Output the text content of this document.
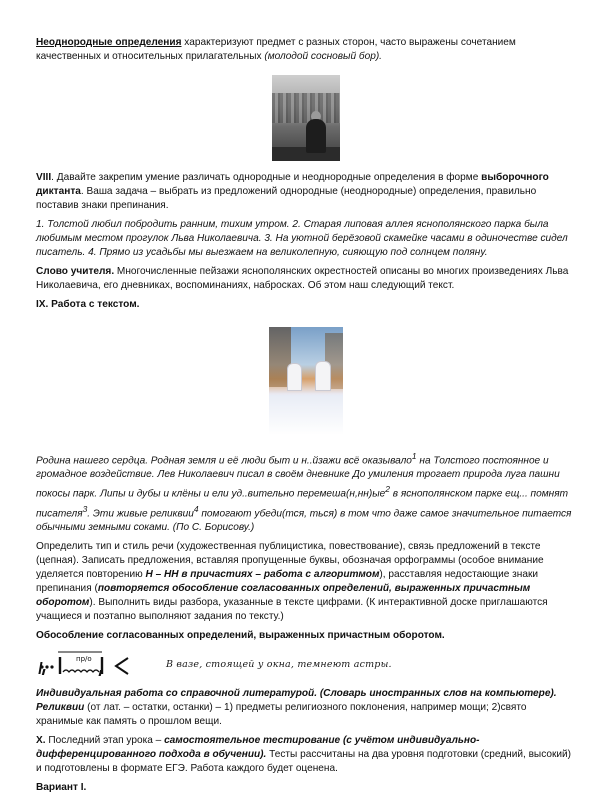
Неоднородные определения характеризуют предмет с разных сторон, часто выражены сочетанием качественных и относительных прилагательных (молодой сосновый бор).

VIII. Давайте закрепим умение различать однородные и неоднородные определения в форме выборочного диктанта. Ваша задача – выбрать из предложений однородные (неоднородные) определения, правильно поставив знаки препинания.

1. Толстой любил побродить ранним, тихим утром. 2. Старая липовая аллея яснополянского парка была любимым местом прогулок Льва Николаевича. 3. На уютной берёзовой скамейке часами в одиночестве сидел писатель. 4. Прямо из усадьбы мы выезжаем на великолепную, сияющую под солнцем поляну.

Слово учителя. Многочисленные пейзажи яснополянских окрестностей описаны во многих произведениях Льва Николаевича, его дневниках, воспоминаниях, набросках. Об этом наш следующий текст.

IX. Работа с текстом.

Родина нашего сердца. Родная земля и её люди быт и н..йзажи всё оказывало$^1$ на Толстого постоянное и громадное воздействие. Лев Николаевич писал в своём дневнике До умиления трогает природа луга пашни покосы парк. Липы и дубы и клёны и ели уд..вительно $перемеша(н,нн)ые^2$ в яснополянском парке ещ... помнят писателя$^3$. Эти живые реликвии$^4$ помогают убеди(тся, ться) в том что даже самое значительное питается обычными земными соками. (По С. Борисову.)

Определить тип и стиль речи (художественная публицистика, повествование), связь предложений в тексте (цепная). Записать предложения, вставляя пропущенные буквы, обозначая орфограммы (особое внимание уделяется повторению Н – НН в причастиях – работа с алгоритмом), расставляя недостающие знаки препинания (повторяется обособление согласованных определений, выраженных причастным оборотом). Выполнить виды разбора, указанные в тексте цифрами. (К интерактивной доске приглашаются учащиеся и поэтапно выполняют задания по тексту.)

Обособление согласованных определений, выраженных причастным оборотом.

пр/о	В вазе, стоящей у окна, темнеют астры.

Индивидуальная работа со справочной литературой. (Словарь иностранных слов на компьютере).
Реликвии (от лат. – остатки, останки) – 1) предметы религиозного поклонения, например мощи; 2)свято хранимые как память о прошлом вещи.

X. Последний этап урока – самостоятельное тестирование (с учётом индивидуально-дифференцированного подхода в обучении). Тесты рассчитаны на два уровня подготовки (средний, высокий) и подготовлены в формате ЕГЭ. Работа каждого будет оценена.

Вариант I.
